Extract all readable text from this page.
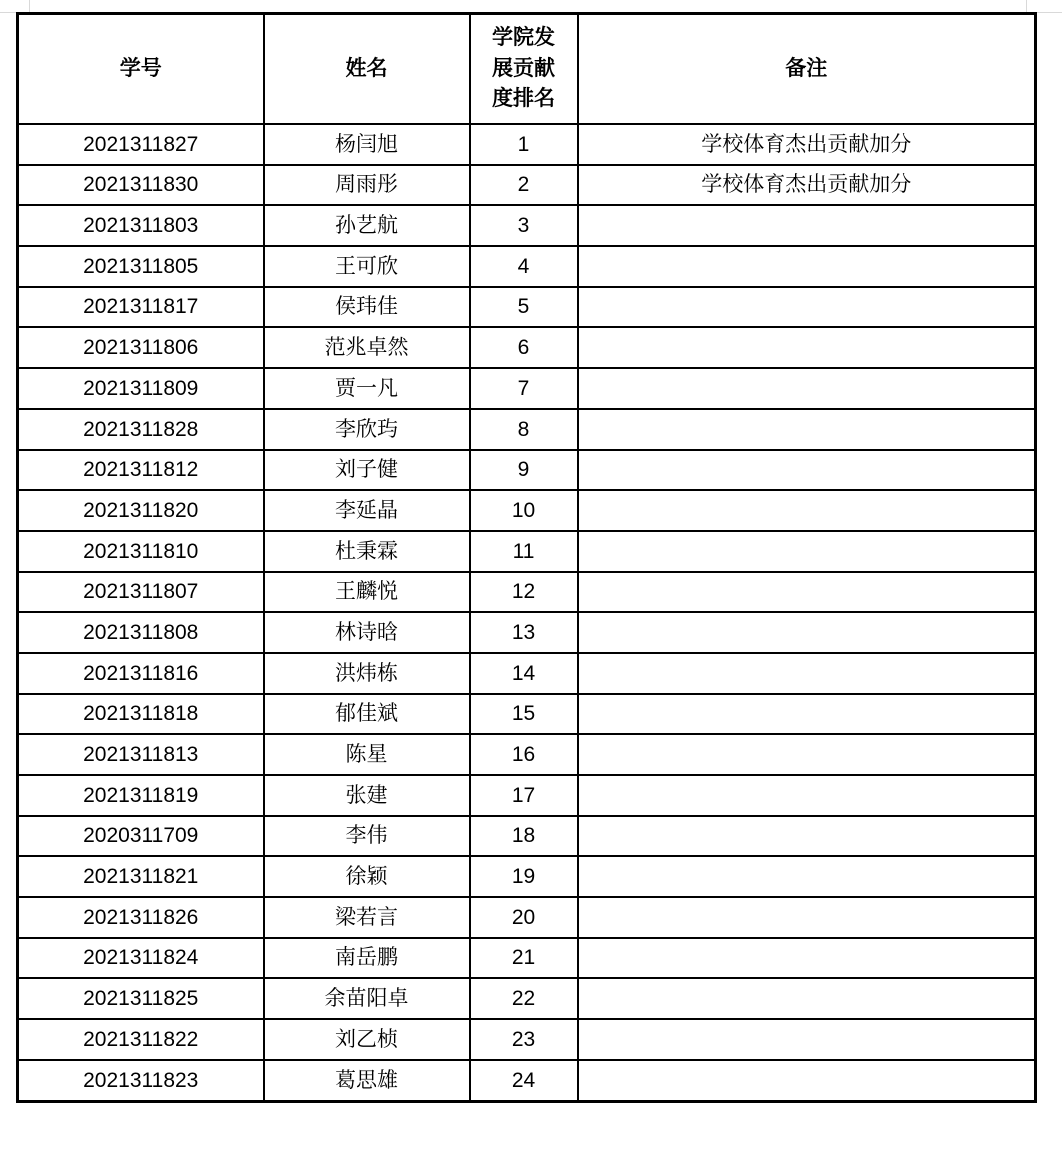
学号	姓名	学院发展贡献度排名	备注
2021311827	杨闫旭	1	学校体育杰出贡献加分
2021311830	周雨彤	2	学校体育杰出贡献加分
2021311803	孙艺航	3	
2021311805	王可欣	4	
2021311817	侯玮佳	5	
2021311806	范兆卓然	6	
2021311809	贾一凡	7	
2021311828	李欣玙	8	
2021311812	刘子健	9	
2021311820	李延晶	10	
2021311810	杜秉霖	11	
2021311807	王麟悦	12	
2021311808	林诗晗	13	
2021311816	洪炜栋	14	
2021311818	郁佳斌	15	
2021311813	陈星	16	
2021311819	张建	17	
2020311709	李伟	18	
2021311821	徐颖	19	
2021311826	梁若言	20	
2021311824	南岳鹏	21	
2021311825	余苗阳卓	22	
2021311822	刘乙桢	23	
2021311823	葛思雄	24	
